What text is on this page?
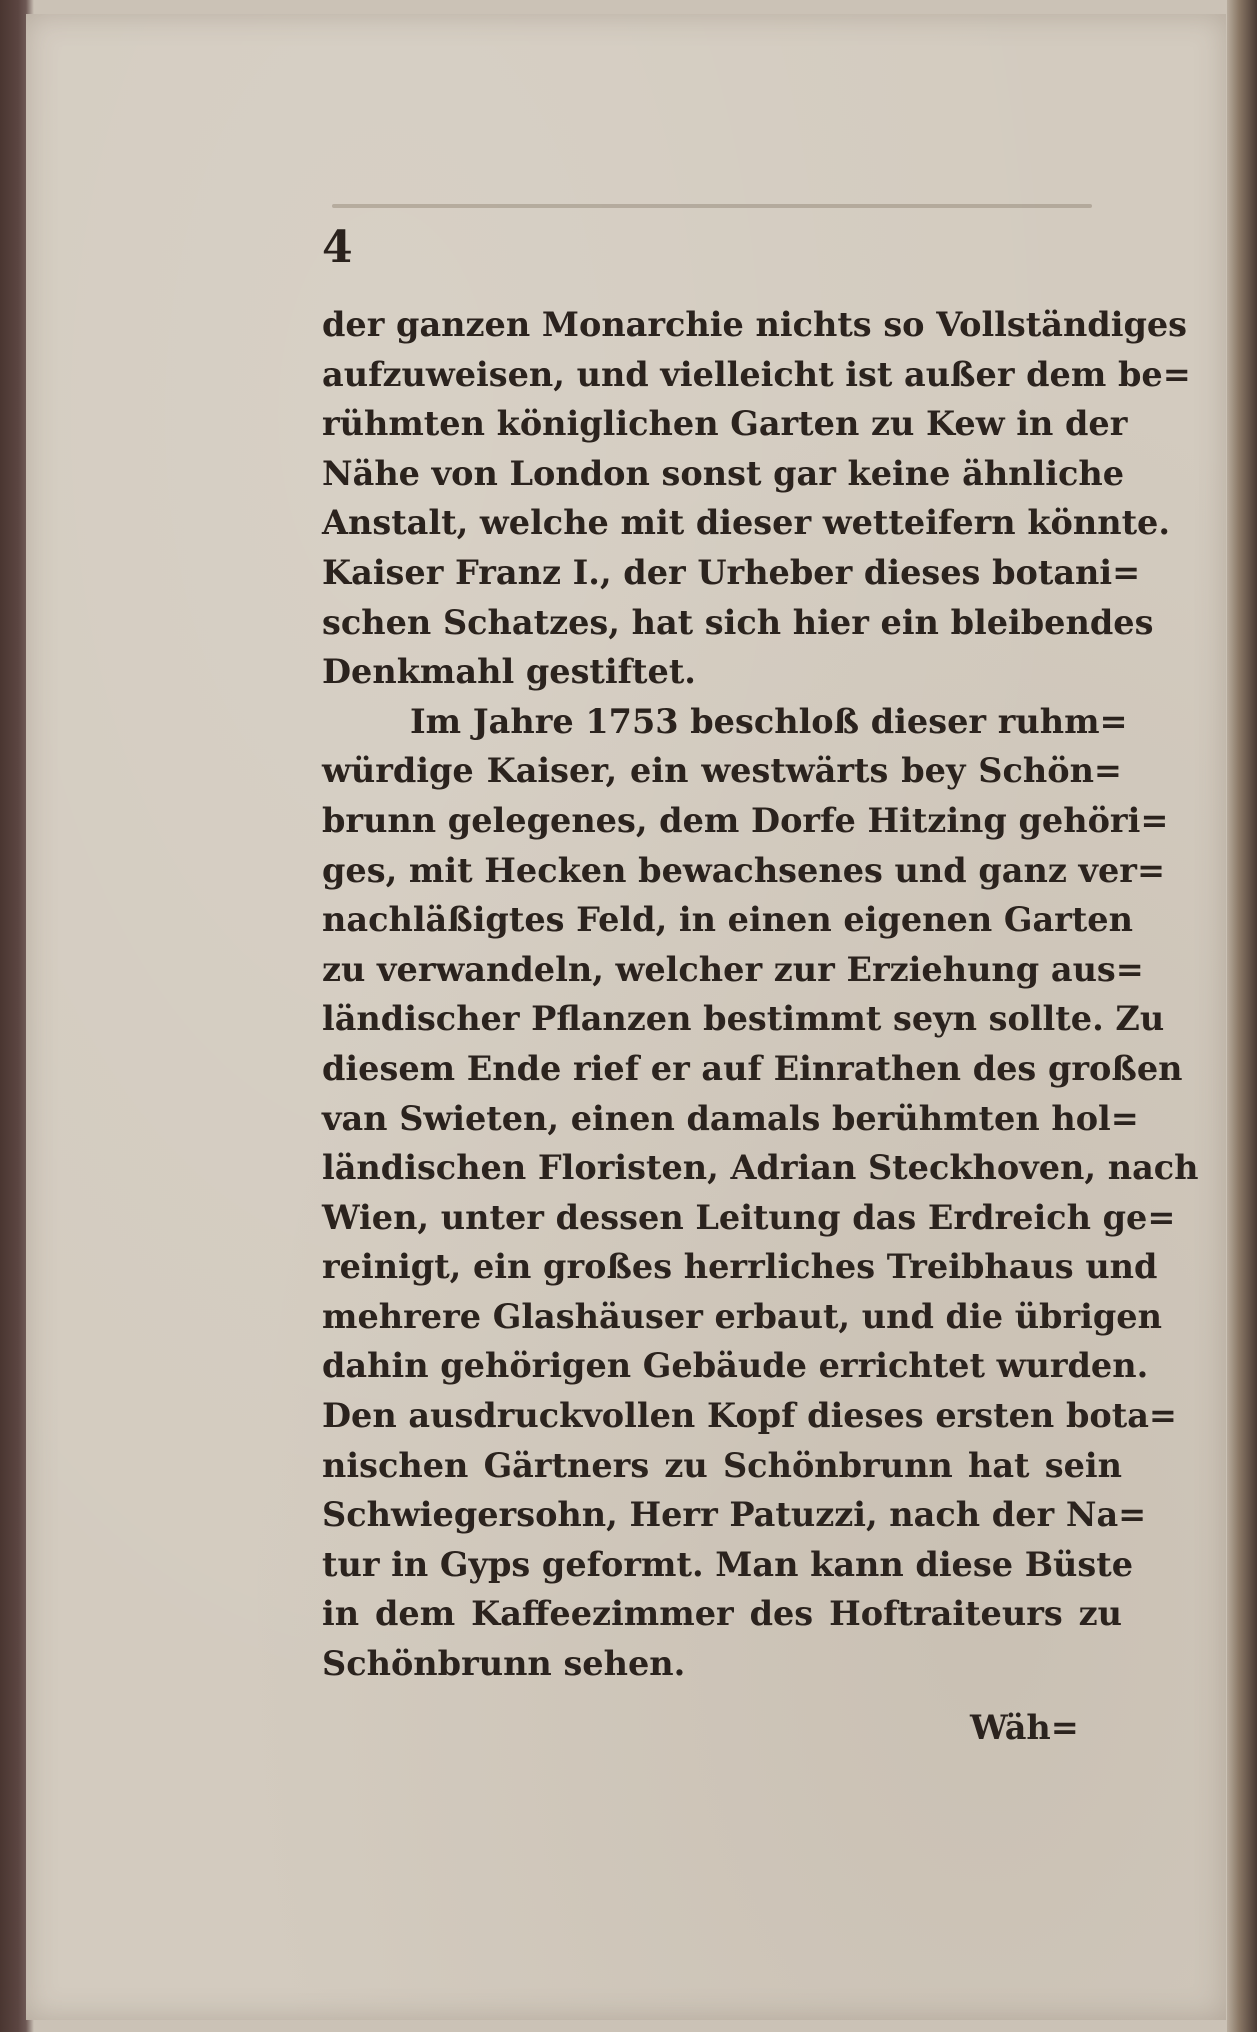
4
der ganzen Monarchie nichts so Vollständiges
aufzuweisen, und vielleicht ist außer dem be=
rühmten königlichen Garten zu Kew in der
Nähe von London sonst gar keine ähnliche
Anstalt, welche mit dieser wetteifern könnte.
Kaiser Franz I., der Urheber dieses botani=
schen Schatzes, hat sich hier ein bleibendes
Denkmahl gestiftet.
Im Jahre 1753 beschloß dieser ruhm=
würdige Kaiser, ein westwärts bey Schön=
brunn gelegenes, dem Dorfe Hitzing gehöri=
ges, mit Hecken bewachsenes und ganz ver=
nachläßigtes Feld, in einen eigenen Garten
zu verwandeln, welcher zur Erziehung aus=
ländischer Pflanzen bestimmt seyn sollte. Zu
diesem Ende rief er auf Einrathen des großen
van Swieten, einen damals berühmten hol=
ländischen Floristen, Adrian Steckhoven, nach
Wien, unter dessen Leitung das Erdreich ge=
reinigt, ein großes herrliches Treibhaus und
mehrere Glashäuser erbaut, und die übrigen
dahin gehörigen Gebäude errichtet wurden.
Den ausdruckvollen Kopf dieses ersten bota=
nischen Gärtners zu Schönbrunn hat sein
Schwiegersohn, Herr Patuzzi, nach der Na=
tur in Gyps geformt. Man kann diese Büste
in dem Kaffeezimmer des Hoftraiteurs zu
Schönbrunn sehen.
Wäh=
